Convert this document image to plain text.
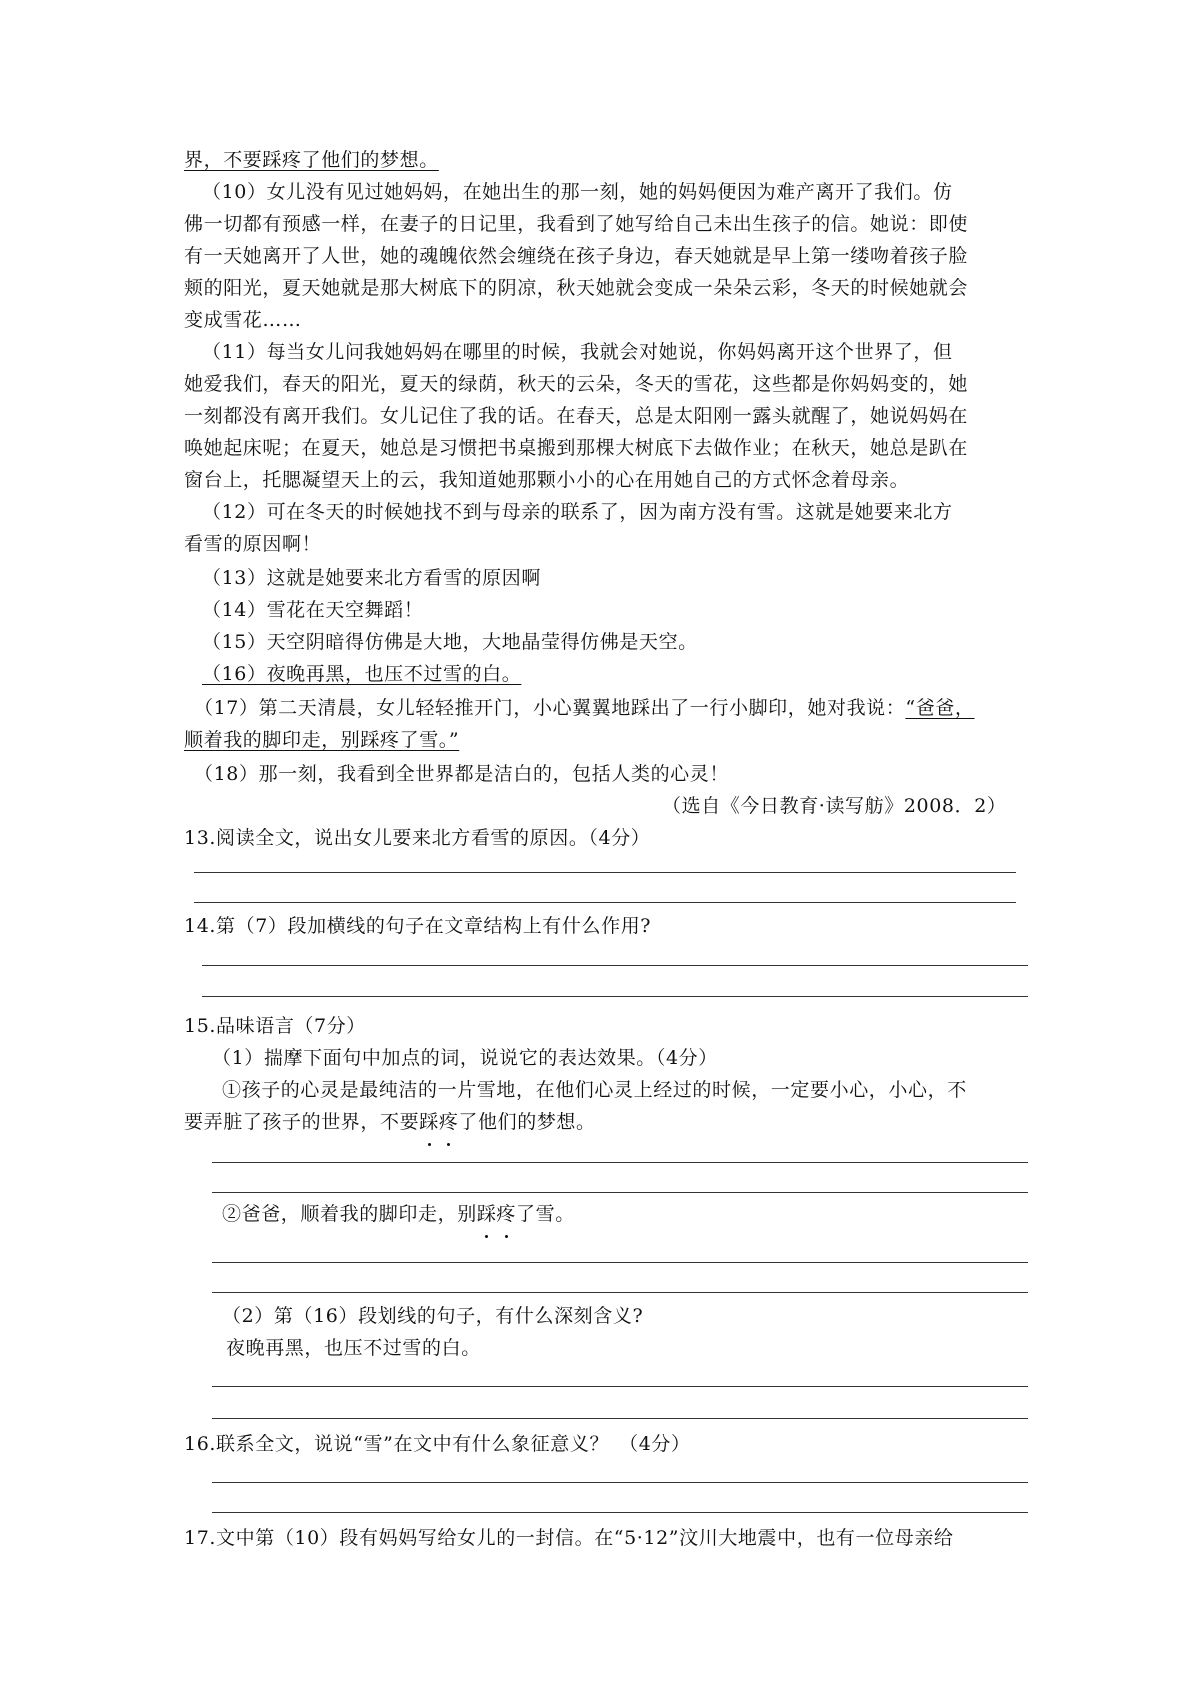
界，不要踩疼了他们的梦想。
（10）女儿没有见过她妈妈，在她出生的那一刻，她的妈妈便因为难产离开了我们。仿
佛一切都有预感一样，在妻子的日记里，我看到了她写给自己未出生孩子的信。她说：即使
有一天她离开了人世，她的魂魄依然会缠绕在孩子身边，春天她就是早上第一缕吻着孩子脸
颊的阳光，夏天她就是那大树底下的阴凉，秋天她就会变成一朵朵云彩，冬天的时候她就会
变成雪花……
（11）每当女儿问我她妈妈在哪里的时候，我就会对她说，你妈妈离开这个世界了，但
她爱我们，春天的阳光，夏天的绿荫，秋天的云朵，冬天的雪花，这些都是你妈妈变的，她
一刻都没有离开我们。女儿记住了我的话。在春天，总是太阳刚一露头就醒了，她说妈妈在
唤她起床呢；在夏天，她总是习惯把书桌搬到那棵大树底下去做作业；在秋天，她总是趴在
窗台上，托腮凝望天上的云，我知道她那颗小小的心在用她自己的方式怀念着母亲。
（12）可在冬天的时候她找不到与母亲的联系了，因为南方没有雪。这就是她要来北方
看雪的原因啊！
（13）这就是她要来北方看雪的原因啊
（14）雪花在天空舞蹈！
（15）天空阴暗得仿佛是大地，大地晶莹得仿佛是天空。
（16）夜晚再黑，也压不过雪的白。
（17）第二天清晨，女儿轻轻推开门，小心翼翼地踩出了一行小脚印，她对我说：“爸爸，
顺着我的脚印走，别踩疼了雪。”
（18）那一刻，我看到全世界都是洁白的，包括人类的心灵！
（选自《今日教育·读写舫》2008．2）
13.阅读全文，说出女儿要来北方看雪的原因。（4分）
14.第（7）段加横线的句子在文章结构上有什么作用?
15.品味语言（7分）
（1）揣摩下面句中加点的词，说说它的表达效果。（4分）
①孩子的心灵是最纯洁的一片雪地，在他们心灵上经过的时候，一定要小心，小心，不
要弄脏了孩子的世界，不要踩疼了他们的梦想。
②爸爸，顺着我的脚印走，别踩疼了雪。
（2）第（16）段划线的句子，有什么深刻含义?
夜晚再黑，也压不过雪的白。
16.联系全文，说说“雪”在文中有什么象征意义？　（4分）
17.文中第（10）段有妈妈写给女儿的一封信。在“5·12”汶川大地震中，也有一位母亲给
